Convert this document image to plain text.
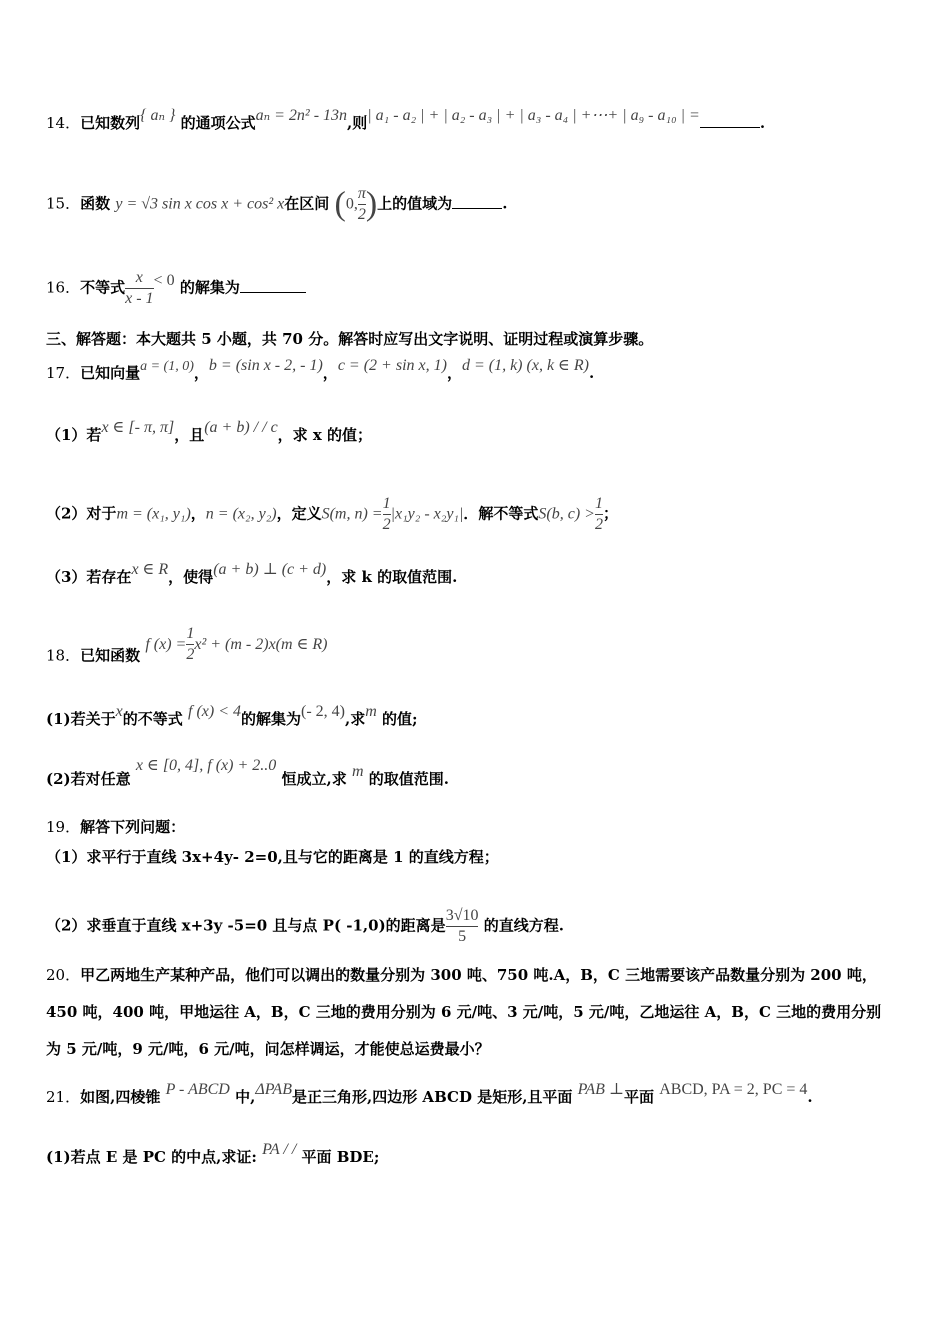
14．已知数列{ aₙ } 的通项公式aₙ = 2n² - 13n,则| a₁ - a₂ | + | a₂ - a₃ | + | a₃ - a₄ | +⋯+ | a₉ - a₁₀ | =	.
15．函数 y = √3 sin x cos x + cos² x在区间 (0, $\frac{\pi}{2}$ )上的值域为	.
16．不等式 $\frac{x}{x - 1} < 0$ 的解集为
三、解答题：本大题共 5 小题，共 70 分。解答时应写出文字说明、证明过程或演算步骤。
17．已知向量a = (1, 0)，b = (sin x - 2, - 1)，c = (2 + sin x, 1)，d = (1, k) (x, k ∈ R).
（1）若x ∈ [- π, π]，且(a + b) / / c，求 x 的值；
（2）对于m = (x₁, y₁)，n = (x₂, y₂)，定义S(m, $n) = \frac{1}{2} |x_1y_2 - x_2y_1|$．解不等式S(b, $c) > \frac{1}{2}$ ；
（3）若存在x ∈ R，使得(a + b) ⊥ (c + d)，求 k 的取值范围.
18．已知函数 f $(x) = \frac{1}{2} x^2 + (m - 2)x(m$ ∈ R)
(1)若关于x的不等式 f (x) < 4的解集为(- 2, 4),求m 的值;
(2)若对任意 x ∈ [0, 4], f (x) + 2..0 恒成立,求 m 的取值范围.
19．解答下列问题：
（1）求平行于直线 3x+4y- 2=0,且与它的距离是 1 的直线方程；
（2）求垂直于直线 x+3y -5=0 且与点 P( -1,0)的距离是 $\frac{3√10}{5}$ 的直线方程.
20．甲乙两地生产某种产品，他们可以调出的数量分别为 300 吨、750 吨.A，B，C 三地需要该产品数量分别为 200 吨，
450 吨，400 吨，甲地运往 A，B，C 三地的费用分别为 6 元/吨、3 元/吨，5 元/吨，乙地运往 A，B，C 三地的费用分别
为 5 元/吨，9 元/吨，6 元/吨，问怎样调运，才能使总运费最小？
21．如图,四棱锥 P - ABCD 中,ΔPAB是正三角形,四边形 ABCD 是矩形,且平面 PAB ⊥平面 ABCD, PA = 2, PC = 4.
(1)若点 E 是 PC 的中点,求证: PA / / 平面 BDE;
